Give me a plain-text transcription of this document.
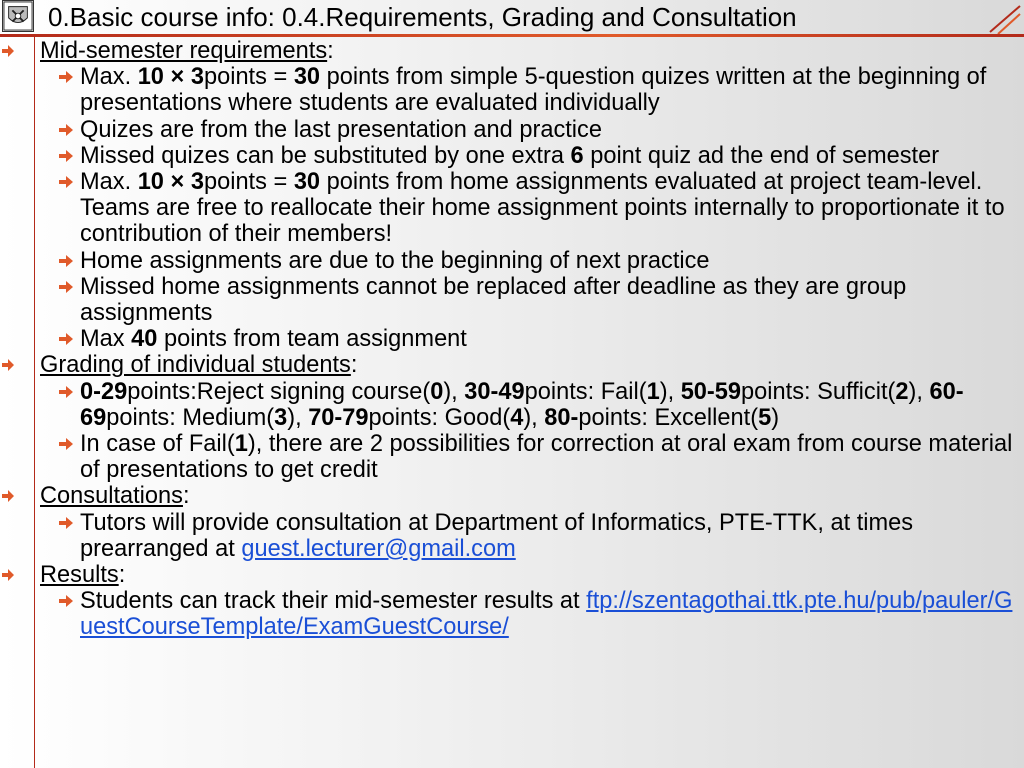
0.Basic course info: 0.4.Requirements, Grading and Consultation
Mid-semester requirements:
Max. 10 × 3points = 30 points from simple 5-question quizes written at the beginning of presentations where students are evaluated individually
Quizes are from the last presentation and practice
Missed quizes can be substituted by one extra 6 point quiz ad the end of semester
Max. 10 × 3points = 30 points from home assignments evaluated at project team-level. Teams are free to reallocate their home assignment points internally to proportionate it to contribution of their members!
Home assignments are due to the beginning of next practice
Missed home assignments cannot be replaced after deadline as they are group assignments
Max 40 points from team assignment
Grading of individual students:
0-29points:Reject signing course(0), 30-49points: Fail(1), 50-59points: Sufficit(2), 60-69points: Medium(3), 70-79points: Good(4), 80-points: Excellent(5)
In case of Fail(1), there are 2 possibilities for correction at oral exam from course material of presentations to get credit
Consultations:
Tutors will provide consultation at Department of Informatics, PTE-TTK, at times prearranged at guest.lecturer@gmail.com
Results:
Students can track their mid-semester results at ftp://szentagothai.ttk.pte.hu/pub/pauler/GuestCourseTemplate/ExamGuestCourse/
